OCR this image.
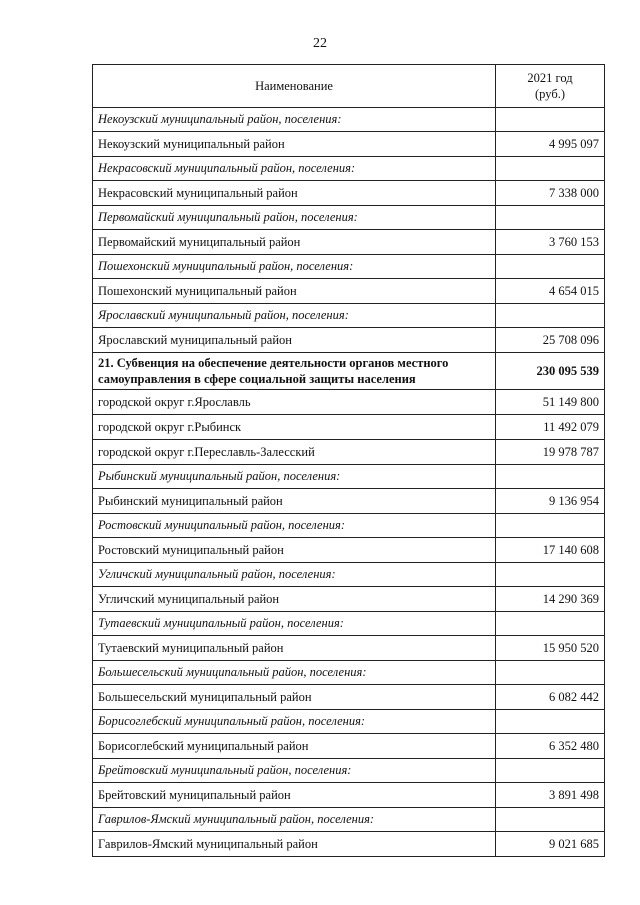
22
Наименование	2021 год
(руб.)
Некоузский муниципальный район, поселения:	
Некоузский муниципальный район	4 995 097
Некрасовский муниципальный район, поселения:	
Некрасовский муниципальный район	7 338 000
Первомайский муниципальный район, поселения:	
Первомайский муниципальный район	3 760 153
Пошехонский муниципальный район, поселения:	
Пошехонский муниципальный район	4 654 015
Ярославский муниципальный район, поселения:	
Ярославский муниципальный район	25 708 096
21. Субвенция на обеспечение деятельности органов местного самоуправления в сфере социальной защиты населения	230 095 539
городской округ г.Ярославль	51 149 800
городской округ г.Рыбинск	11 492 079
городской округ г.Переславль-Залесский	19 978 787
Рыбинский муниципальный район, поселения:	
Рыбинский муниципальный район	9 136 954
Ростовский муниципальный район, поселения:	
Ростовский муниципальный район	17 140 608
Угличский муниципальный район, поселения:	
Угличский муниципальный район	14 290 369
Тутаевский муниципальный район, поселения:	
Тутаевский муниципальный район	15 950 520
Большесельский муниципальный район, поселения:	
Большесельский муниципальный район	6 082 442
Борисоглебский муниципальный район, поселения:	
Борисоглебский муниципальный район	6 352 480
Брейтовский муниципальный район, поселения:	
Брейтовский муниципальный район	3 891 498
Гаврилов-Ямский муниципальный район, поселения:	
Гаврилов-Ямский муниципальный район	9 021 685
